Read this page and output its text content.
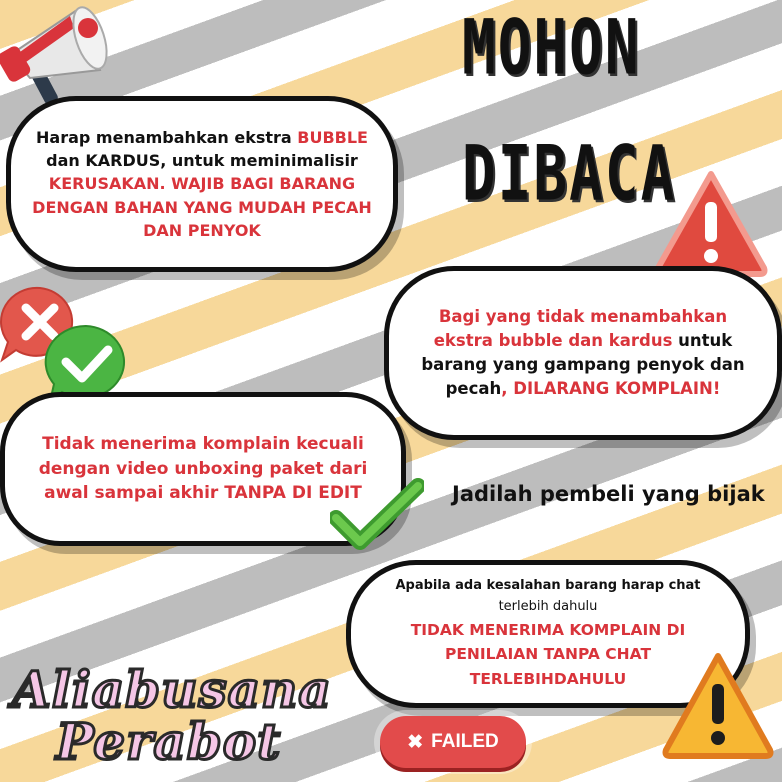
MOHON
DIBACA
Harap menambahkan ekstra BUBBLE
dan KARDUS, untuk meminimalisir
KERUSAKAN. WAJIB BAGI BARANG
DENGAN BAHAN YANG MUDAH PECAH
DAN PENYOK
Bagi yang tidak menambahkan
ekstra bubble dan kardus untuk
barang yang gampang penyok dan
pecah, DILARANG KOMPLAIN!
Tidak menerima komplain kecuali
dengan video unboxing paket dari
awal sampai akhir TANPA DI EDIT	Jadilah pembeli yang bijak
Apabila ada kesalahan barang harap chat
terlebih dahulu
TIDAK MENERIMA KOMPLAIN DI
PENILAIAN TANPA CHAT
TERLEBIHDAHULU
Aliabusana
Perabot	✖ FAILED
